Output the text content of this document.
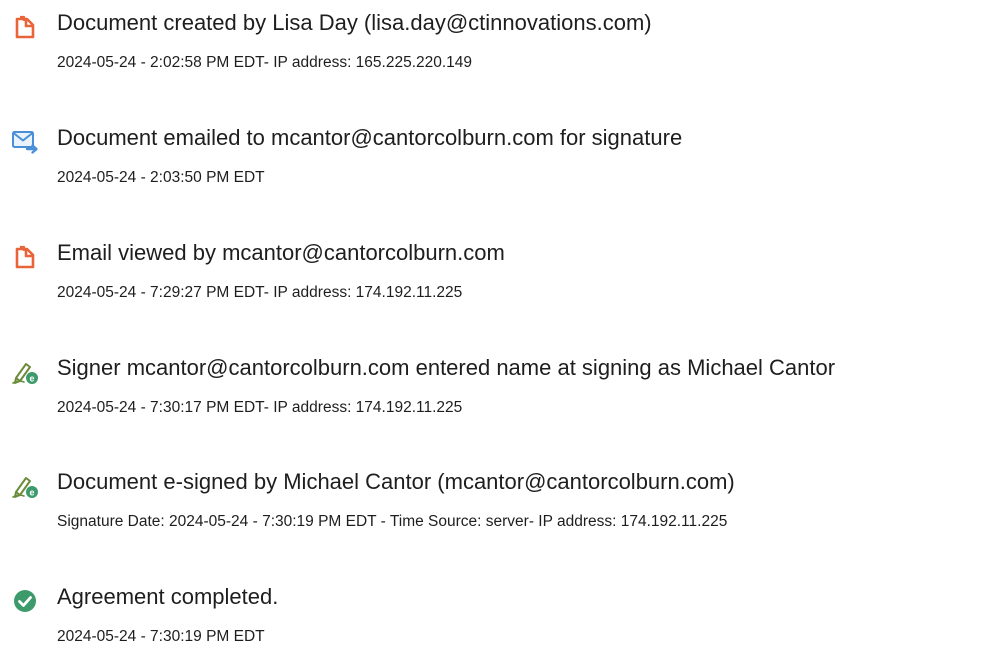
Document created by Lisa Day (lisa.day@ctinnovations.com)
2024-05-24 - 2:02:58 PM EDT- IP address: 165.225.220.149
Document emailed to mcantor@cantorcolburn.com for signature
2024-05-24 - 2:03:50 PM EDT
Email viewed by mcantor@cantorcolburn.com
2024-05-24 - 7:29:27 PM EDT- IP address: 174.192.11.225
e Signer mcantor@cantorcolburn.com entered name at signing as Michael Cantor
2024-05-24 - 7:30:17 PM EDT- IP address: 174.192.11.225
e Document e-signed by Michael Cantor (mcantor@cantorcolburn.com)
Signature Date: 2024-05-24 - 7:30:19 PM EDT - Time Source: server- IP address: 174.192.11.225
Agreement completed.
2024-05-24 - 7:30:19 PM EDT
